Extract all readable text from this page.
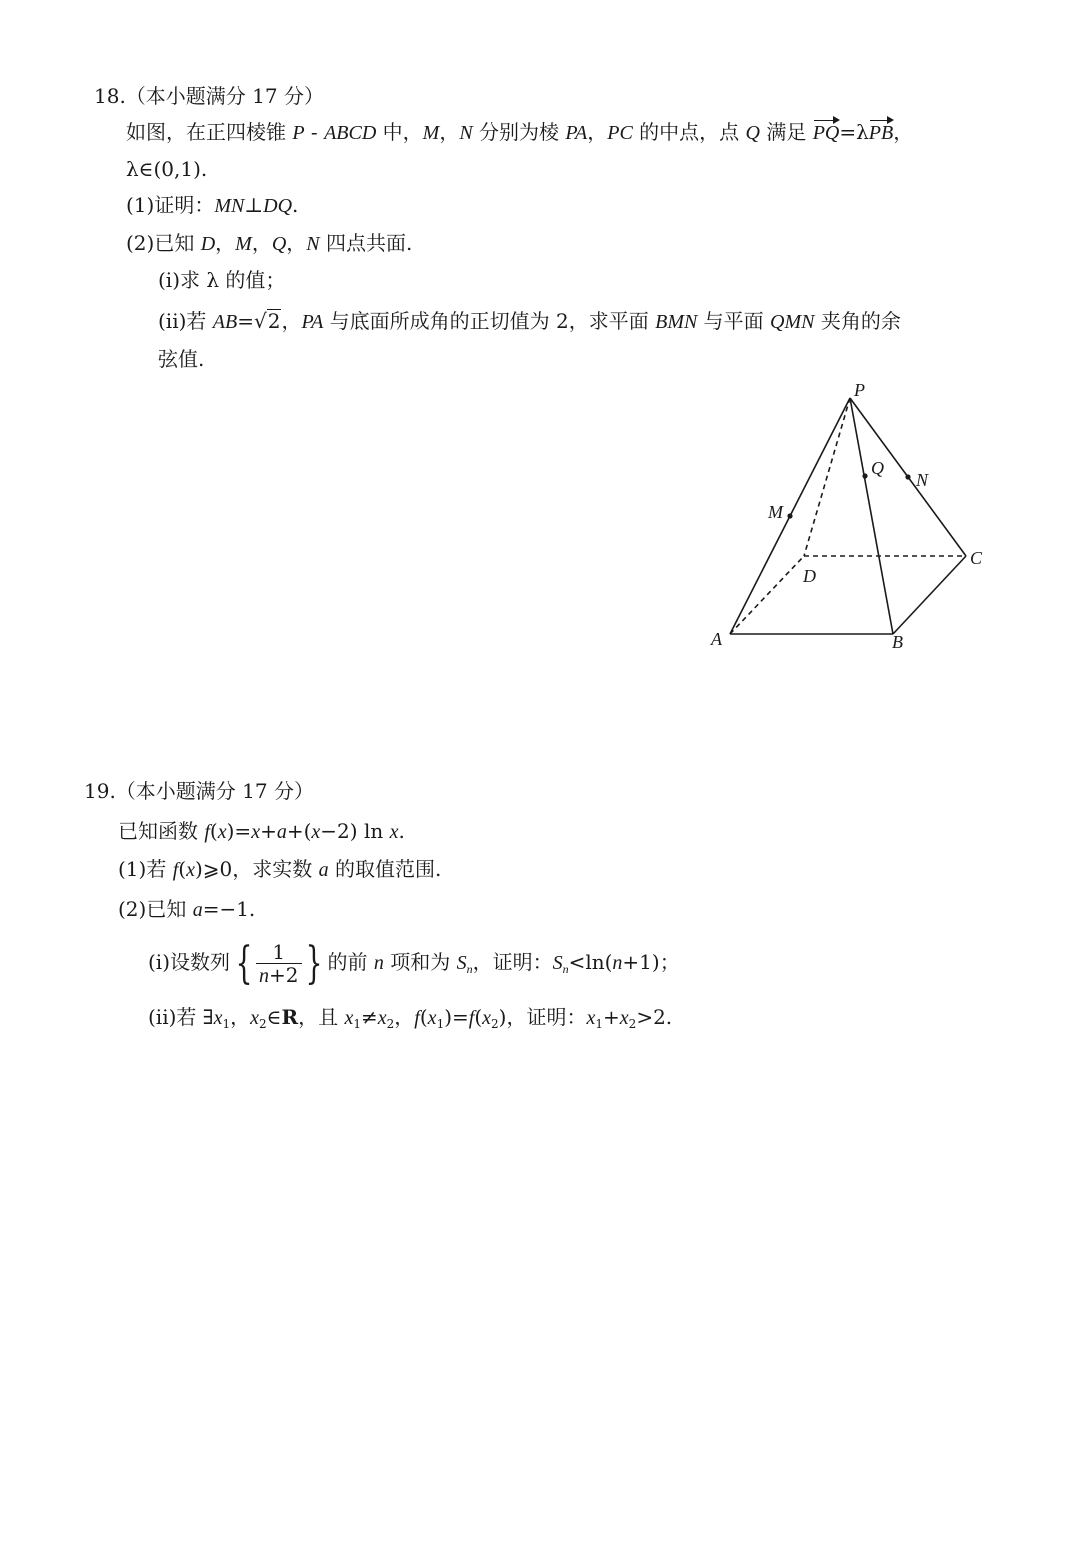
18.（本小题满分 17 分）
如图，在正四棱锥 P - ABCD 中，M，N 分别为棱 PA，PC 的中点，点 Q 满足 PQ=λPB，
λ∈(0,1).
(1)证明：MN⊥DQ.
(2)已知 D，M，Q，N 四点共面.
(i)求 λ 的值；
(ii)若 AB=√2，PA 与底面所成角的正切值为 2，求平面 BMN 与平面 QMN 夹角的余
弦值.
P
Q
N
M
C
D
A	B
19.（本小题满分 17 分）
已知函数 f(x)=x+a+(x−2) ln x.
(1)若 f(x)⩾0，求实数 a 的取值范围.
(2)已知 a=−1.
(i)设数列 { $\frac{1}{n+2}$ } 的前 n 项和为 $S_n$，证明：$S_n<\ln(n+1)$；
(ii)若 $\exists x_1$，$x_2\in R$，且 $x_1\ne x_2$，$f(x_1)=f(x_2)$，证明：$x_1+x_2>2$.
